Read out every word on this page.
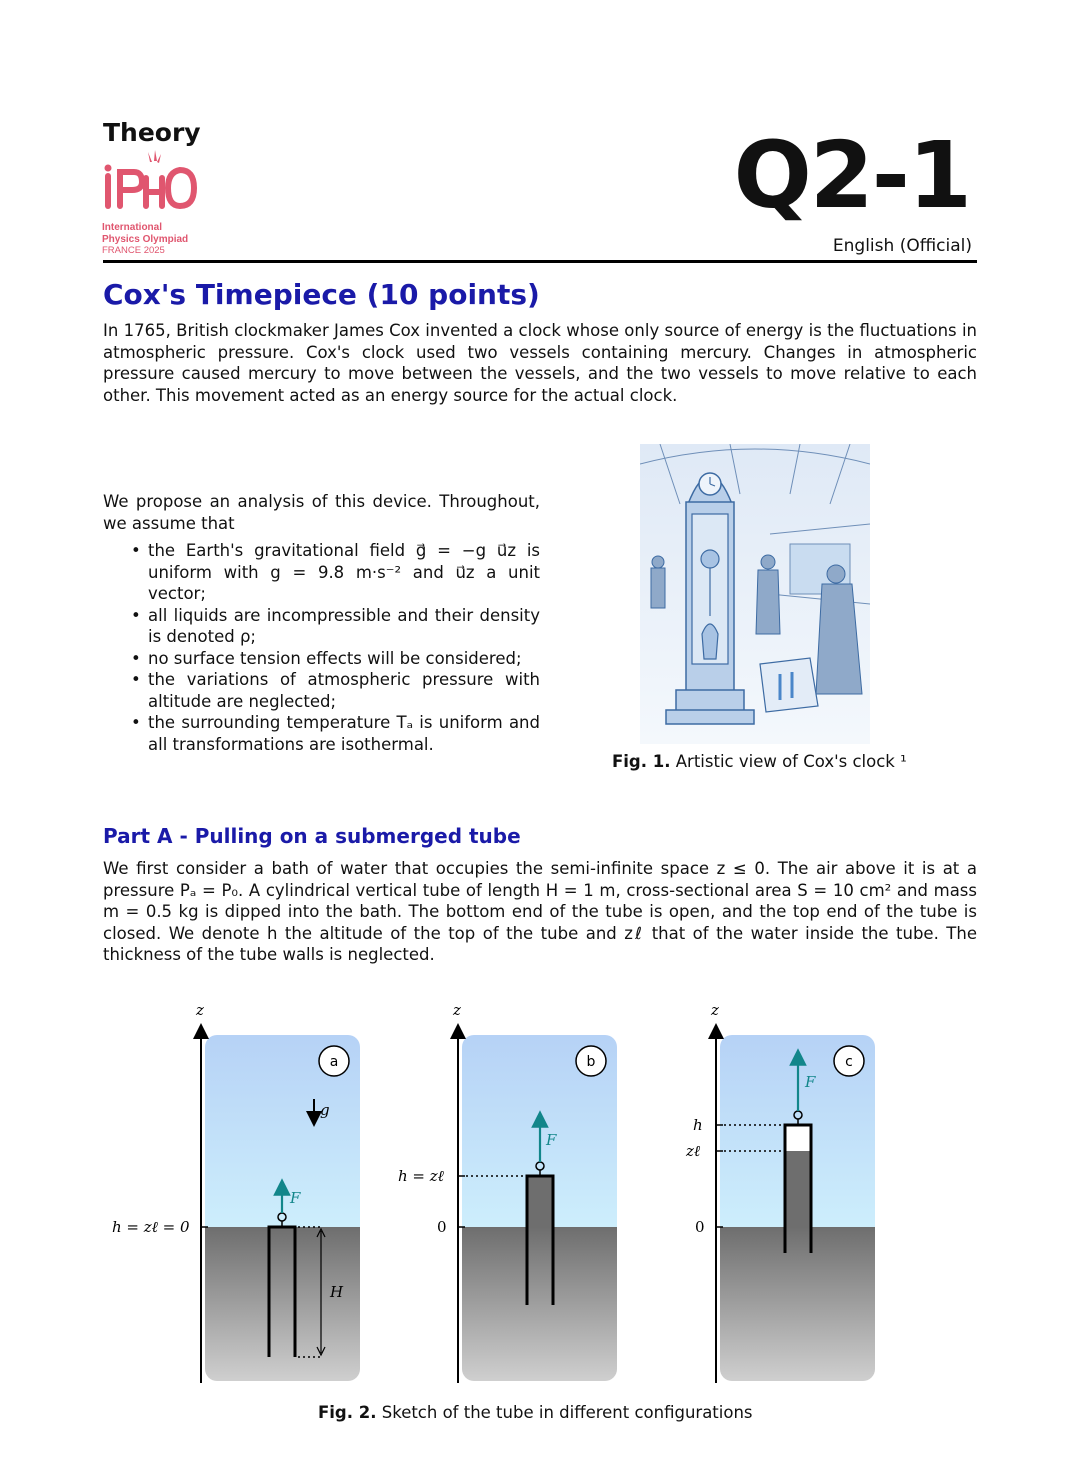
Theory
International
Physics Olympiad
FRANCE 2025
Q2-1
English (Official)
Cox's Timepiece (10 points)
In 1765, British clockmaker James Cox invented a clock whose only source of energy is the fluctuations in atmospheric pressure. Cox's clock used two vessels containing mercury. Changes in atmospheric pressure caused mercury to move between the vessels, and the two vessels to move relative to each other. This movement acted as an energy source for the actual clock.
We propose an analysis of this device. Throughout, we assume that
• the Earth's gravitational field g⃗ = −g u⃗z is uniform with g = 9.8 m·s⁻² and u⃗z a unit vector;
• all liquids are incompressible and their density is denoted ρ;
• no surface tension effects will be considered;
• the variations of atmospheric pressure with altitude are neglected;
• the surrounding temperature Tₐ is uniform and all transformations are isothermal.
Fig. 1. Artistic view of Cox's clock ¹
Part A - Pulling on a submerged tube
We first consider a bath of water that occupies the semi-infinite space z ≤ 0. The air above it is at a pressure Pₐ = P₀. A cylindrical vertical tube of length H = 1 m, cross-sectional area S = 10 cm² and mass m = 0.5 kg is dipped into the bath. The bottom end of the tube is open, and the top end of the tube is closed. We denote h the altitude of the top of the tube and zℓ that of the water inside the tube. The thickness of the tube walls is neglected.
z
a
g
h = zℓ = 0
F
H
z
b
0
h = zℓ
F
z
c
0
h
zℓ
F
Fig. 2. Sketch of the tube in different configurations
